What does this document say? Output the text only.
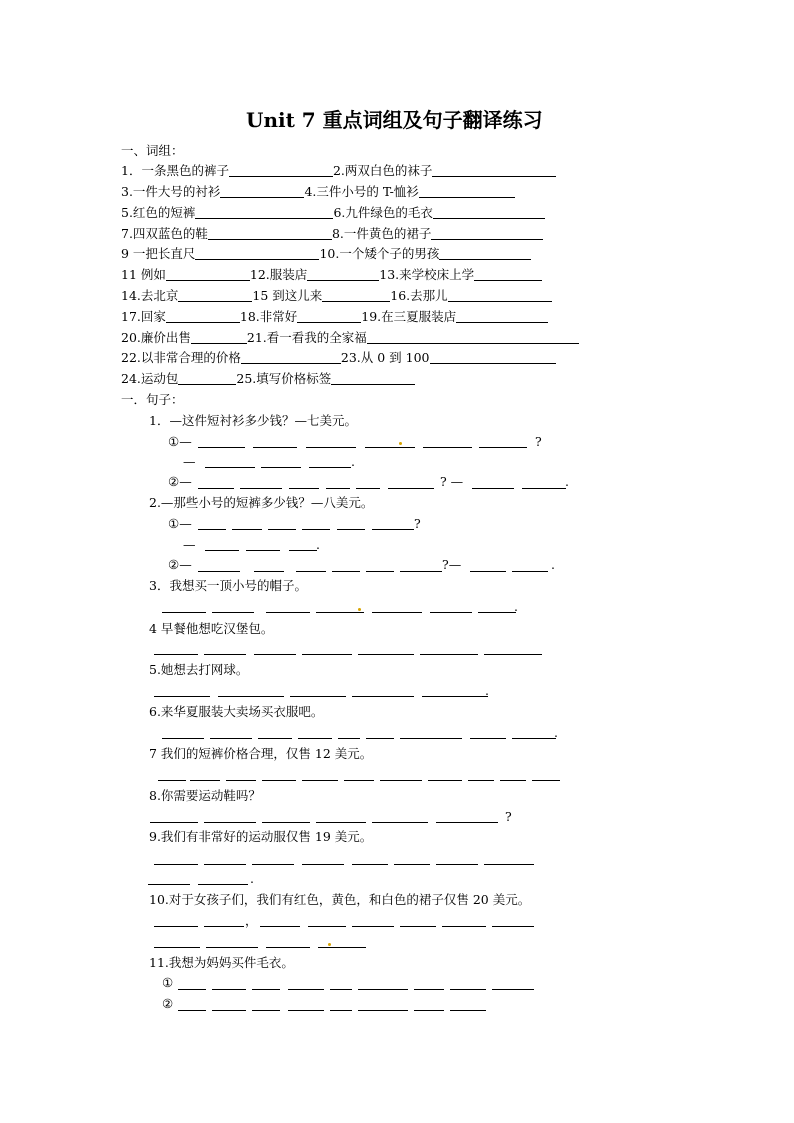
Unit 7 重点词组及句子翻译练习
一、词组：
1．一条黑色的裤子	2.两双白色的袜子
3.一件大号的衬衫	4.三件小号的 T-恤衫
5.红色的短裤	6.九件绿色的毛衣
7.四双蓝色的鞋	8.一件黄色的裙子
9 一把长直尺	10.一个矮个子的男孩
11 例如	12.服装店	13.来学校床上学
14.去北京	15 到这儿来	16.去那儿
17.回家	18.非常好	19.在三夏服装店
20.廉价出售	21.看一看我的全家福
22.以非常合理的价格	23.从 0 到 100
24.运动包	25.填写价格标签
一．句子：
1．—这件短衬衫多少钱？—七美元。
①—	?
—	.
②—	? —	.
2.—那些小号的短裤多少钱？—八美元。
①—	?
—	.
②—	?—	.
3．我想买一顶小号的帽子。
.
4 早餐他想吃汉堡包。
5.她想去打网球。
.
6.来华夏服装大卖场买衣服吧。
.
7 我们的短裤价格合理，仅售 12 美元。
8.你需要运动鞋吗？
?
9.我们有非常好的运动服仅售 19 美元。
.
10.对于女孩子们，我们有红色，黄色，和白色的裙子仅售 20 美元。
，
11.我想为妈妈买件毛衣。
①
②
